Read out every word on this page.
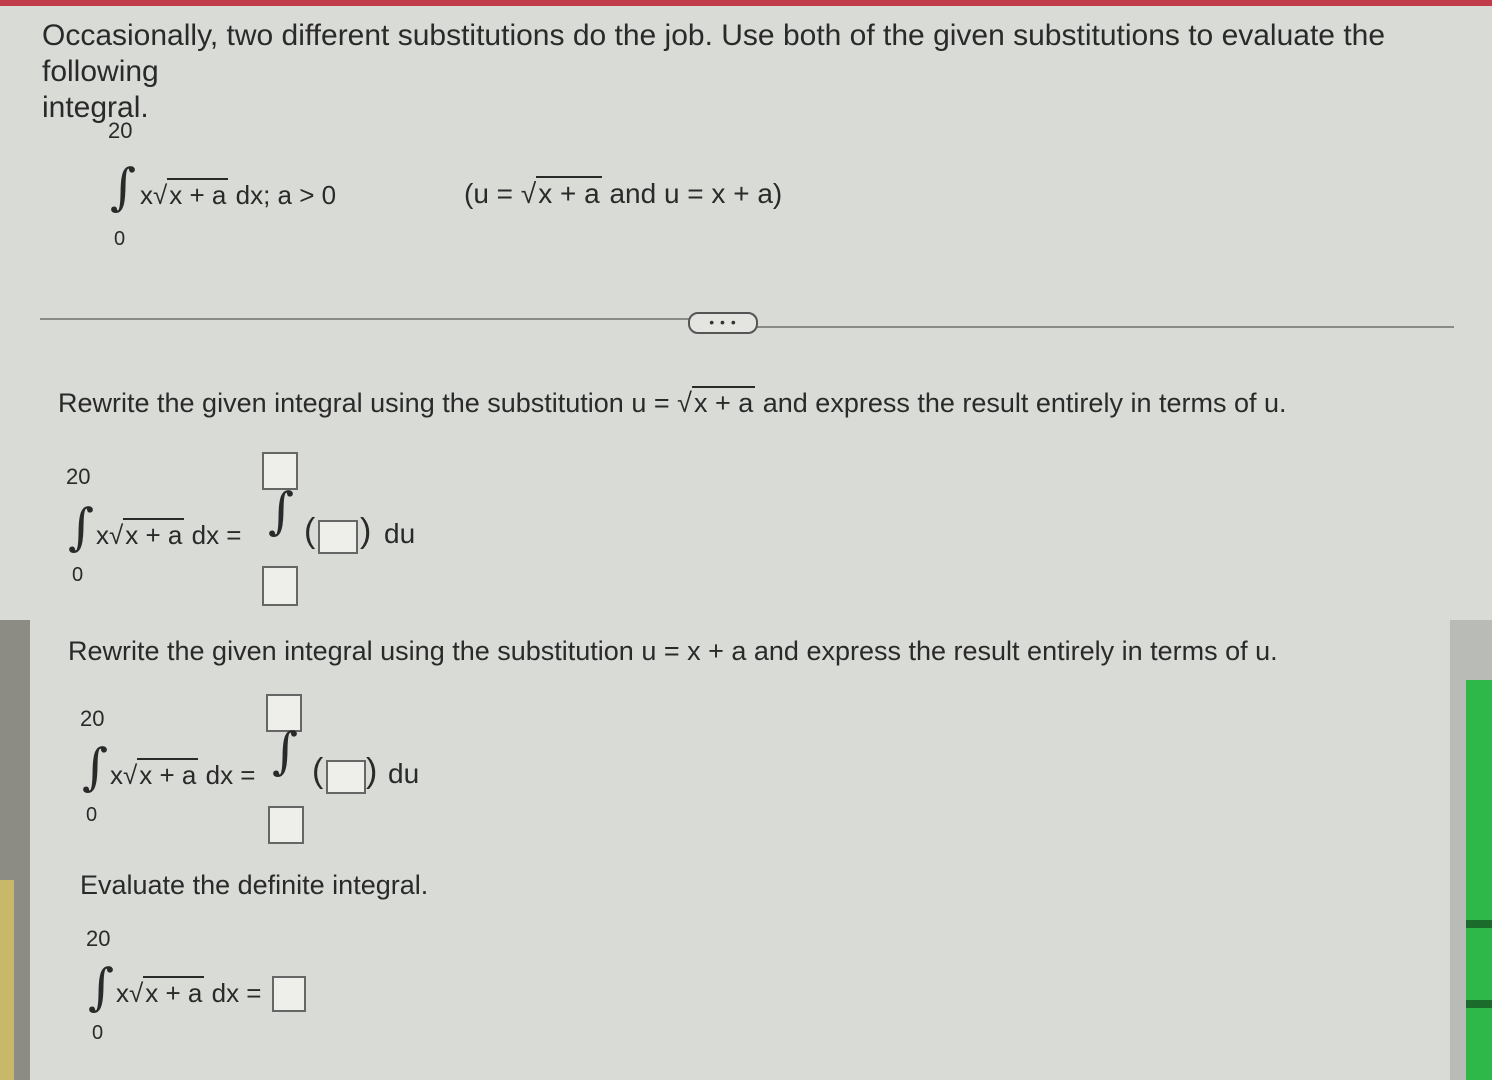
Occasionally, two different substitutions do the job. Use both of the given substitutions to evaluate the following
integral.
20
∫
0
x√x + a dx; a > 0	(u = √x + a and u = x + a)
• • •
Rewrite the given integral using the substitution u = √x + a and express the result entirely in terms of u.
20
∫
0
x√x + a dx = ∫ ( ) du
Rewrite the given integral using the substitution u = x + a and express the result entirely in terms of u.
20
∫
0
x√x + a dx = ∫ ( ) du
Evaluate the definite integral.
20
∫
0
x√x + a dx =
